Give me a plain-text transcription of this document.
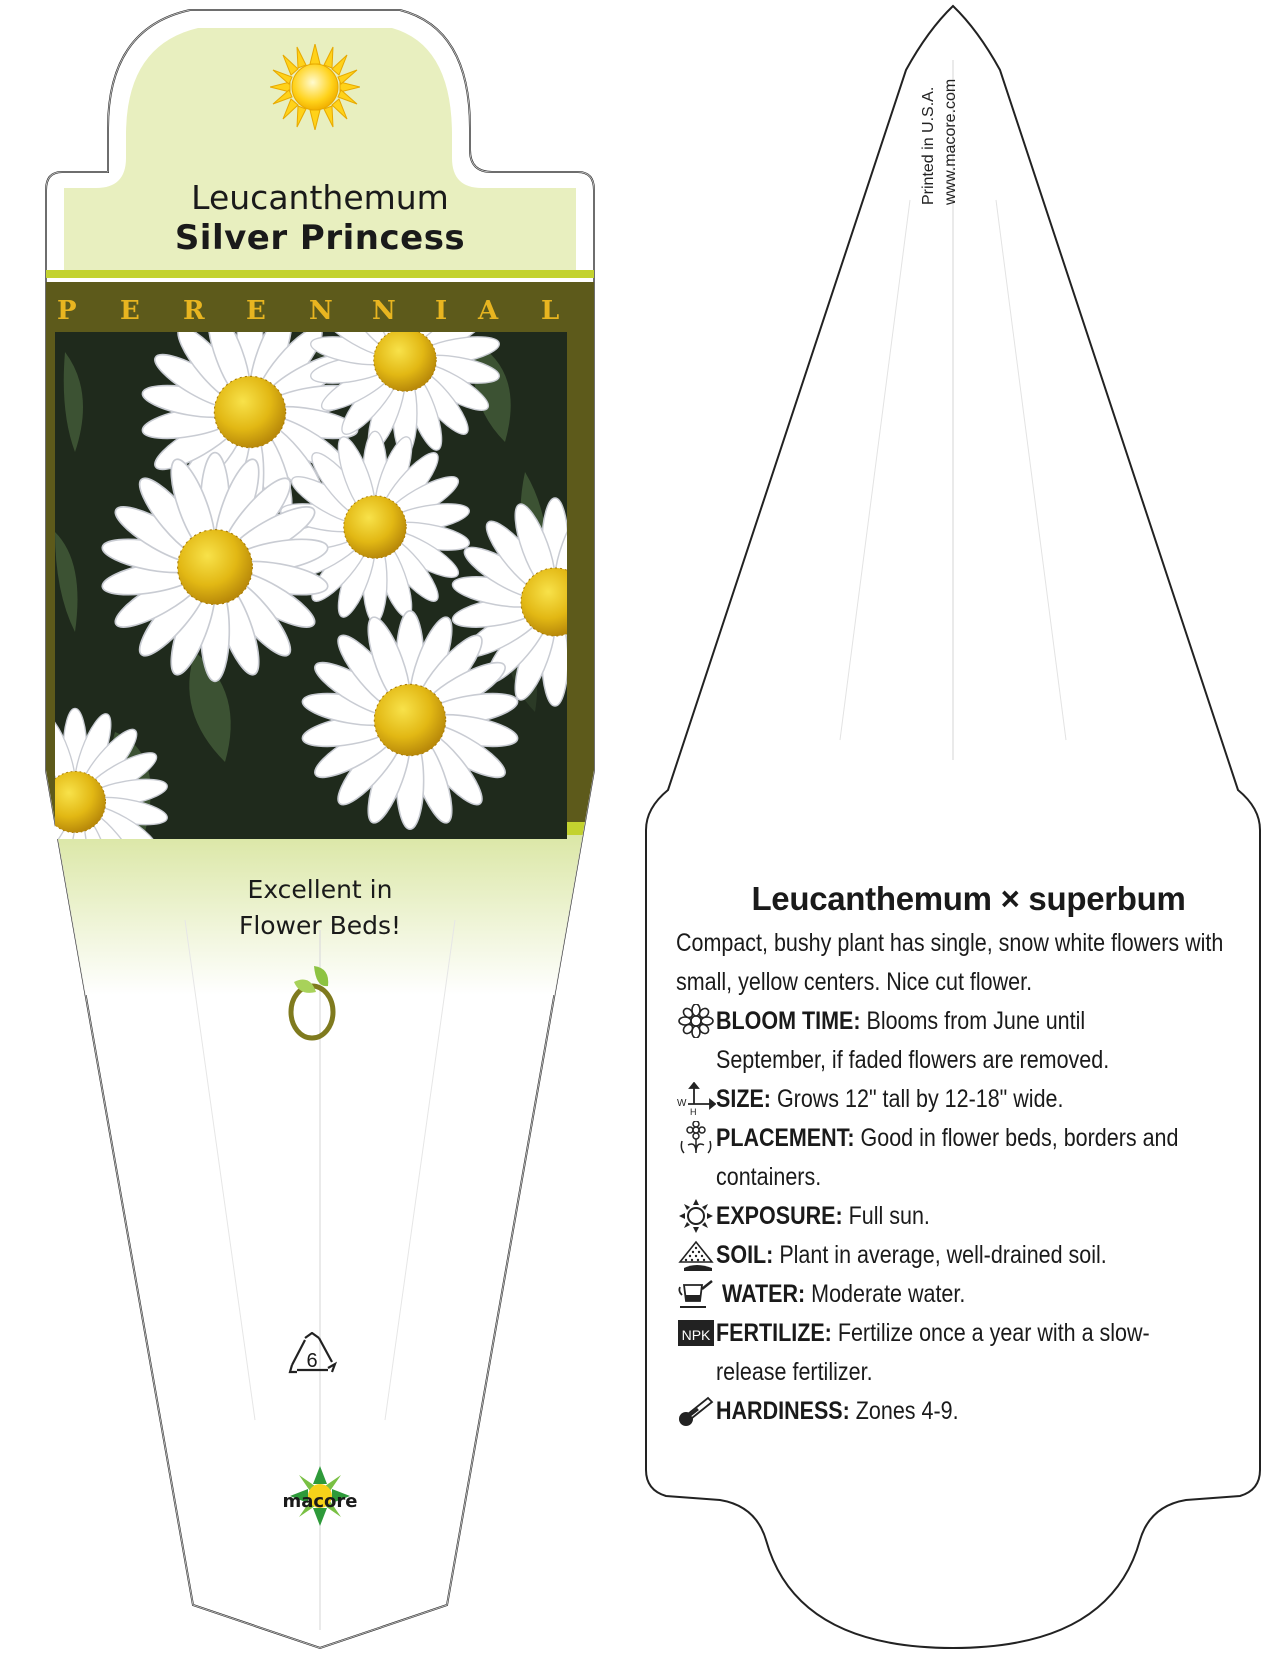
Leucanthemum
Silver Princess
P E R E N N I A L
Excellent in
Flower Beds!
6
macore
Printed in U.S.A. www.macore.com
Leucanthemum × superbum

Compact, bushy plant has single, snow white flowers with small, yellow centers. Nice cut flower.

BLOOM TIME: Blooms from June until September, if faded flowers are removed.

W
H SIZE: Grows 12" tall by 12-18" wide.

PLACEMENT: Good in flower beds, borders and containers.

EXPOSURE: Full sun.

SOIL: Plant in average, well-drained soil.

WATER: Moderate water.

NPK FERTILIZE: Fertilize once a year with a slow-release fertilizer.

HARDINESS: Zones 4-9.
